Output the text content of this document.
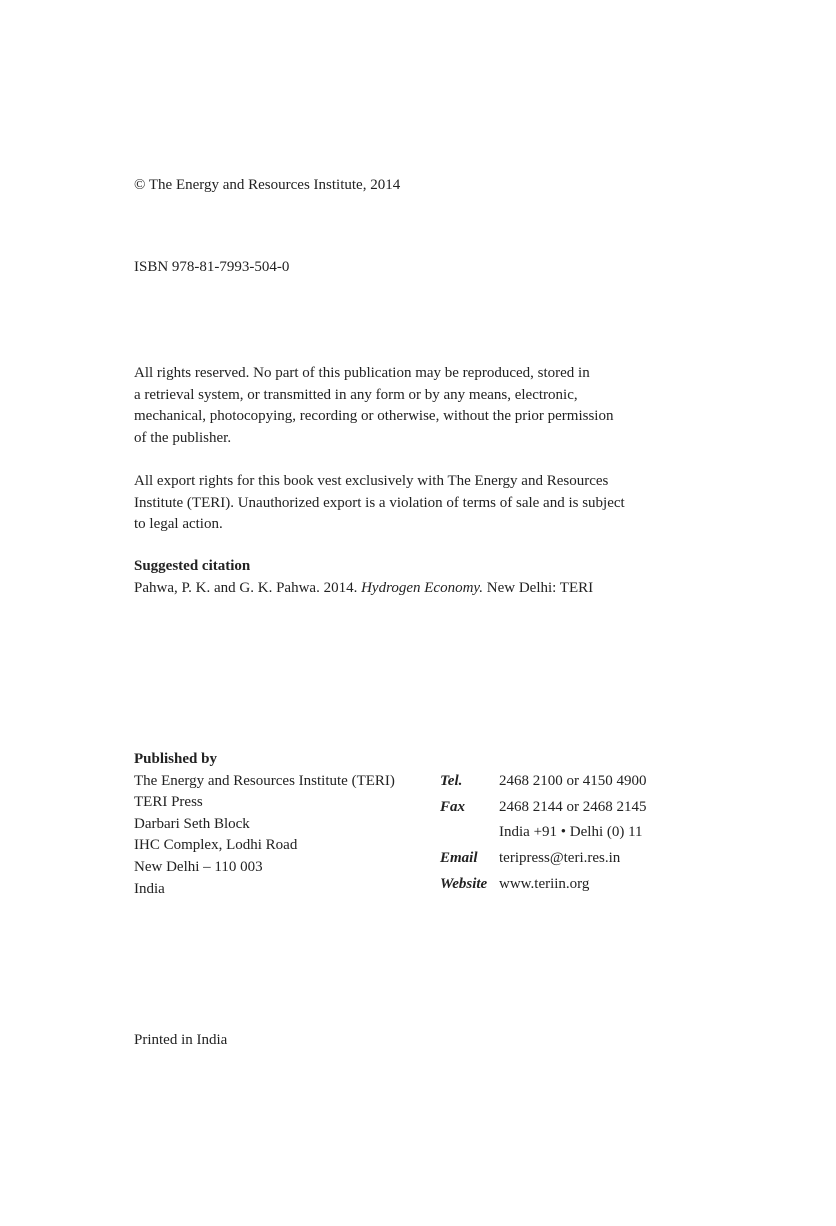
© The Energy and Resources Institute, 2014

ISBN 978-81-7993-504-0

All rights reserved. No part of this publication may be reproduced, stored in
a retrieval system, or transmitted in any form or by any means, electronic,
mechanical, photocopying, recording or otherwise, without the prior permission
of the publisher.
All export rights for this book vest exclusively with The Energy and Resources
Institute (TERI). Unauthorized export is a violation of terms of sale and is subject
to legal action.
Suggested citation
Pahwa, P. K. and G. K. Pahwa. 2014. Hydrogen Economy. New Delhi: TERI
Published by
The Energy and Resources Institute (TERI)
TERI Press
Darbari Seth Block
IHC Complex, Lodhi Road
New Delhi – 110 003
India
Tel.	2468 2100 or 4150 4900
Fax	2468 2144 or 2468 2145
India +91 • Delhi (0) 11
Email	teripress@teri.res.in
Website www.teriin.org

Printed in India
